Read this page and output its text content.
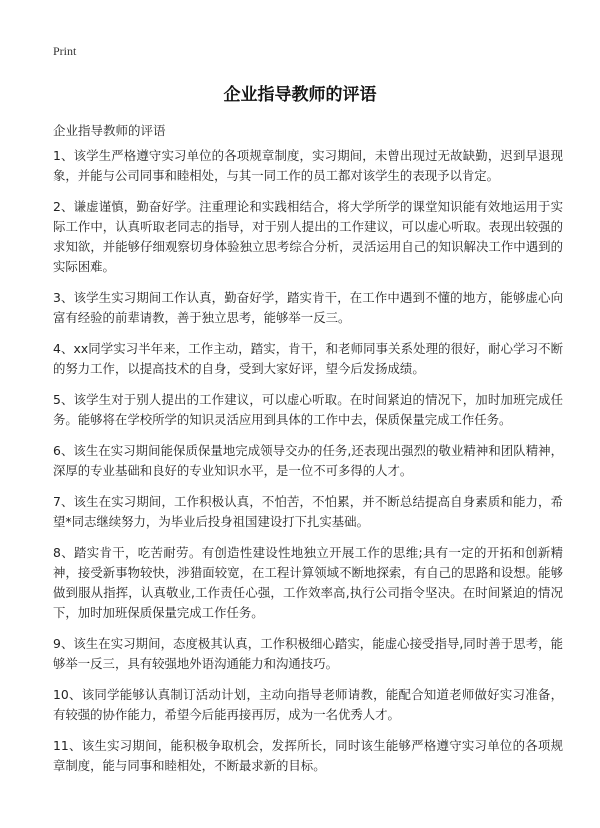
Print
企业指导教师的评语
企业指导教师的评语

1、该学生严格遵守实习单位的各项规章制度，实习期间，未曾出现过无故缺勤，迟到早退现象，并能与公司同事和睦相处，与其一同工作的员工都对该学生的表现予以肯定。

2、谦虚谨慎，勤奋好学。注重理论和实践相结合，将大学所学的课堂知识能有效地运用于实际工作中，认真听取老同志的指导，对于别人提出的工作建议，可以虚心听取。表现出较强的求知欲，并能够仔细观察切身体验独立思考综合分析，灵活运用自己的知识解决工作中遇到的实际困难。

3、该学生实习期间工作认真，勤奋好学，踏实肯干，在工作中遇到不懂的地方，能够虚心向富有经验的前辈请教，善于独立思考，能够举一反三。

4、xx同学实习半年来，工作主动，踏实，肯干，和老师同事关系处理的很好，耐心学习不断的努力工作，以提高技术的自身，受到大家好评，望今后发扬成绩。

5、该学生对于别人提出的工作建议，可以虚心听取。在时间紧迫的情况下，加时加班完成任务。能够将在学校所学的知识灵活应用到具体的工作中去，保质保量完成工作任务。

6、该生在实习期间能保质保量地完成领导交办的任务,还表现出强烈的敬业精神和团队精神，深厚的专业基础和良好的专业知识水平，是一位不可多得的人才。

7、该生在实习期间，工作积极认真，不怕苦，不怕累，并不断总结提高自身素质和能力，希望*同志继续努力，为毕业后投身祖国建设打下扎实基础。

8、踏实肯干，吃苦耐劳。有创造性建设性地独立开展工作的思维;具有一定的开拓和创新精神，接受新事物较快，涉猎面较宽，在工程计算领域不断地探索，有自己的思路和设想。能够做到服从指挥，认真敬业,工作责任心强，工作效率高,执行公司指令坚决。在时间紧迫的情况下，加时加班保质保量完成工作任务。

9、该生在实习期间，态度极其认真，工作积极细心踏实，能虚心接受指导,同时善于思考，能够举一反三，具有较强地外语沟通能力和沟通技巧。

10、该同学能够认真制订活动计划，主动向指导老师请教，能配合知道老师做好实习准备，有较强的协作能力，希望今后能再接再厉，成为一名优秀人才。

11、该生实习期间，能积极争取机会，发挥所长，同时该生能够严格遵守实习单位的各项规章制度，能与同事和睦相处，不断最求新的目标。
